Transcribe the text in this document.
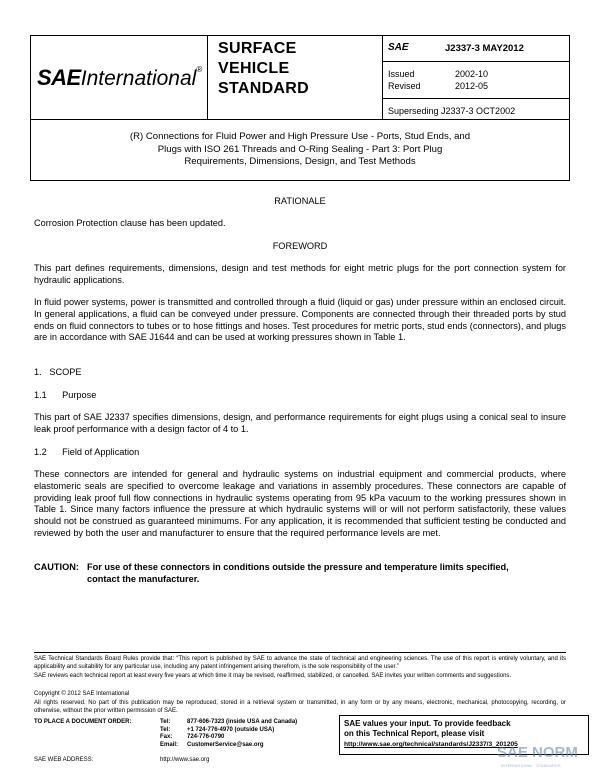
SAEInternational®
SURFACE
VEHICLE
STANDARD
SAE	J2337-3 MAY2012
Issued	2002-10
Revised	2012-05
Superseding J2337-3 OCT2002
(R) Connections for Fluid Power and High Pressure Use - Ports, Stud Ends, and
Plugs with ISO 261 Threads and O-Ring Sealing - Part 3: Port Plug
Requirements, Dimensions, Design, and Test Methods
RATIONALE
Corrosion Protection clause has been updated.
FOREWORD
This part defines requirements, dimensions, design and test methods for eight metric plugs for the port connection system for hydraulic applications.
In fluid power systems, power is transmitted and controlled through a fluid (liquid or gas) under pressure within an enclosed circuit. In general applications, a fluid can be conveyed under pressure. Components are connected through their threaded ports by stud ends on fluid connectors to tubes or to hose fittings and hoses. Test procedures for metric ports, stud ends (connectors), and plugs are in accordance with SAE J1644 and can be used at working pressures shown in Table 1.
1.   SCOPE
1.1      Purpose
This part of SAE J2337 specifies dimensions, design, and performance requirements for eight plugs using a conical seal to insure leak proof performance with a design factor of 4 to 1.
1.2      Field of Application
These connectors are intended for general and hydraulic systems on industrial equipment and commercial products, where elastomeric seals are specified to overcome leakage and variations in assembly procedures. These connectors are capable of providing leak proof full flow connections in hydraulic systems operating from 95 kPa vacuum to the working pressures shown in Table 1. Since many factors influence the pressure at which hydraulic systems will or will not perform satisfactorily, these values should not be construed as guaranteed minimums. For any application, it is recommended that sufficient testing be conducted and reviewed by both the user and manufacturer to ensure that the required performance levels are met.
CAUTION: For use of these connectors in conditions outside the pressure and temperature limits specified,
contact the manufacturer.
SAE Technical Standards Board Rules provide that: “This report is published by SAE to advance the state of technical and engineering sciences. The use of this report is entirely voluntary, and its applicability and suitability for any particular use, including any patent infringement arising therefrom, is the sole responsibility of the user.”
SAE reviews each technical report at least every five years at which time it may be revised, reaffirmed, stabilized, or cancelled. SAE invites your written comments and suggestions.
Copyright © 2012 SAE International
All rights reserved. No part of this publication may be reproduced, stored in a retrieval system or transmitted, in any form or by any means, electronic, mechanical, photocopying, recording, or otherwise, without the prior written permission of SAE.
TO PLACE A DOCUMENT ORDER:	Tel:	877-606-7323 (inside USA and Canada)
Tel:	+1 724-776-4970 (outside USA)
Fax: 724-776-0790
Email: CustomerService@sae.org
SAE WEB ADDRESS:	http://www.sae.org
SAE values your input. To provide feedback
on this Technical Report, please visit
http://www.sae.org/technical/standards/J2337/3_201205
SAE NORM
INTERNATIONAL · STANDARDS
